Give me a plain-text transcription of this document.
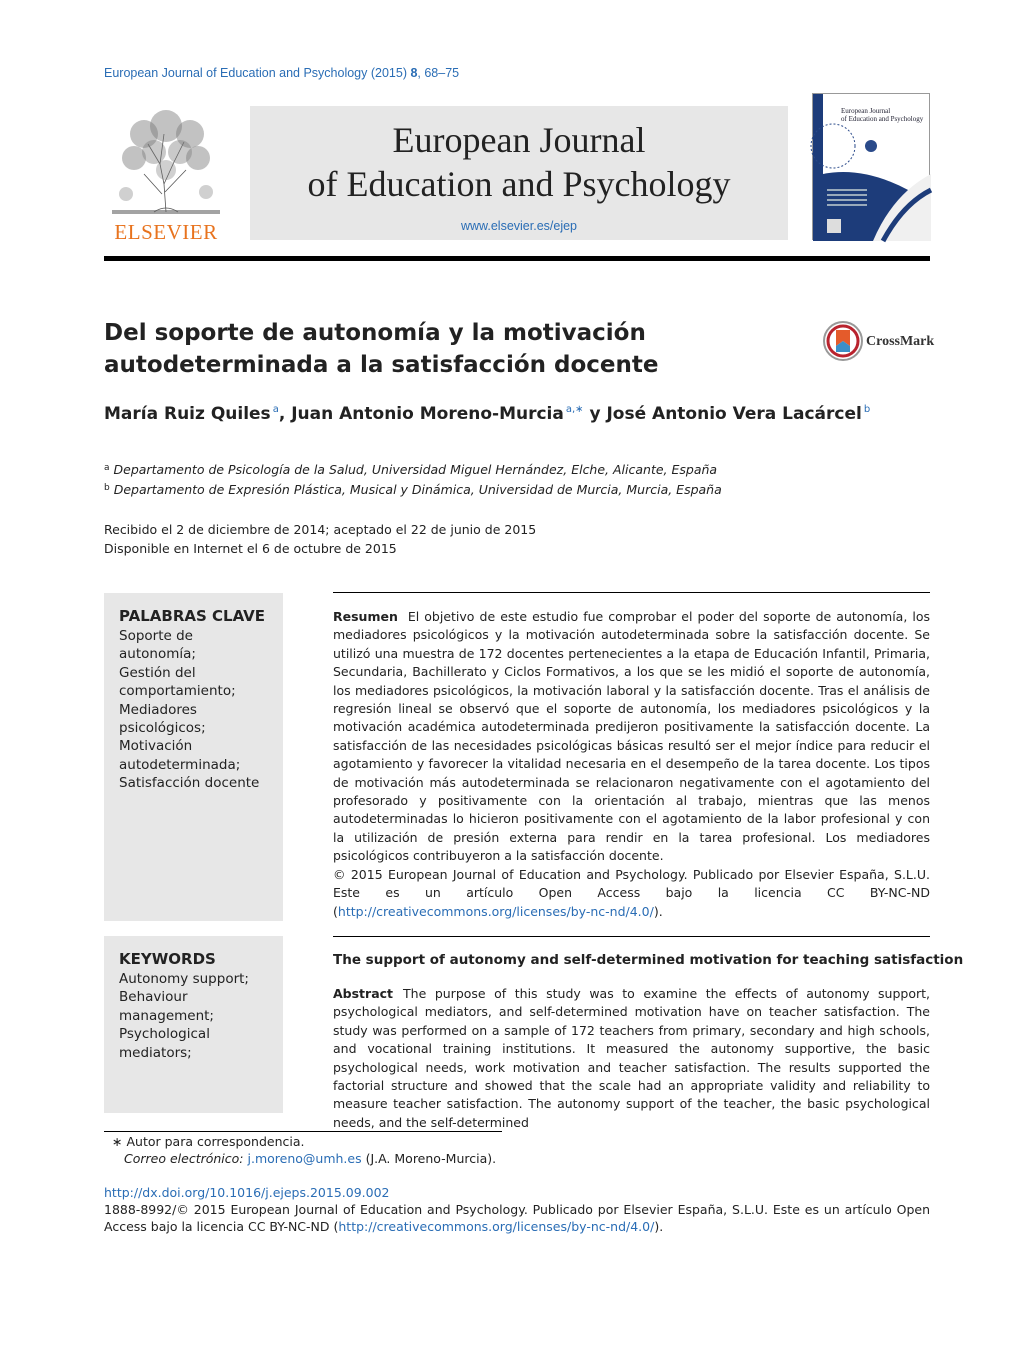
European Journal of Education and Psychology (2015) 8, 68–75
ELSEVIER
European Journal
of Education and Psychology
www.elsevier.es/ejep
European Journal
of Education and Psychology
Del soporte de autonomía y la motivación
autodeterminada a la satisfacción docente
CrossMark
María Ruiz Quiles $^a$, Juan Antonio Moreno-Murcia $^{a,∗}$ y José Antonio Vera Lacárcel $^b$
$^a$ Departamento de Psicología de la Salud, Universidad Miguel Hernández, Elche, Alicante, España
$^b$ Departamento de Expresión Plástica, Musical y Dinámica, Universidad de Murcia, Murcia, España
Recibido el 2 de diciembre de 2014; aceptado el 22 de junio de 2015
Disponible en Internet el 6 de octubre de 2015
PALABRAS CLAVE
Soporte de autonomía;
Gestión del comportamiento;
Mediadores psicológicos;
Motivación autodeterminada;
Satisfacción docente
Resumen El objetivo de este estudio fue comprobar el poder del soporte de autonomía, los mediadores psicológicos y la motivación autodeterminada sobre la satisfacción docente. Se utilizó una muestra de 172 docentes pertenecientes a la etapa de Educación Infantil, Primaria, Secundaria, Bachillerato y Ciclos Formativos, a los que se les midió el soporte de autonomía, los mediadores psicológicos, la motivación laboral y la satisfacción docente. Tras el análisis de regresión lineal se observó que el soporte de autonomía, los mediadores psicológicos y la motivación académica autodeterminada predijeron positivamente la satisfacción docente. La satisfacción de las necesidades psicológicas básicas resultó ser el mejor índice para reducir el agotamiento y favorecer la vitalidad necesaria en el desempeño de la tarea docente. Los tipos de motivación más autodeterminada se relacionaron negativamente con el agotamiento del profesorado y positivamente con la orientación al trabajo, mientras que las menos autodeterminadas lo hicieron positivamente con el agotamiento de la labor profesional y con la utilización de presión externa para rendir en la tarea profesional. Los mediadores psicológicos contribuyeron a la satisfacción docente.
© 2015 European Journal of Education and Psychology. Publicado por Elsevier España, S.L.U. Este es un artículo Open Access bajo la licencia CC BY-NC-ND (http://creativecommons.org/licenses/by-nc-nd/4.0/).
KEYWORDS
Autonomy support;
Behaviour management;
Psychological mediators;
The support of autonomy and self-determined motivation for teaching satisfaction
Abstract The purpose of this study was to examine the effects of autonomy support, psychological mediators, and self-determined motivation have on teacher satisfaction. The study was performed on a sample of 172 teachers from primary, secondary and high schools, and vocational training institutions. It measured the autonomy supportive, the basic psychological needs, work motivation and teacher satisfaction. The results supported the factorial structure and showed that the scale had an appropriate validity and reliability to measure teacher satisfaction. The autonomy support of the teacher, the basic psychological needs, and the self-determined
∗ Autor para correspondencia.
Correo electrónico: j.moreno@umh.es (J.A. Moreno-Murcia).
http://dx.doi.org/10.1016/j.ejeps.2015.09.002
1888-8992/© 2015 European Journal of Education and Psychology. Publicado por Elsevier España, S.L.U. Este es un artículo Open Access bajo la licencia CC BY-NC-ND (http://creativecommons.org/licenses/by-nc-nd/4.0/).
